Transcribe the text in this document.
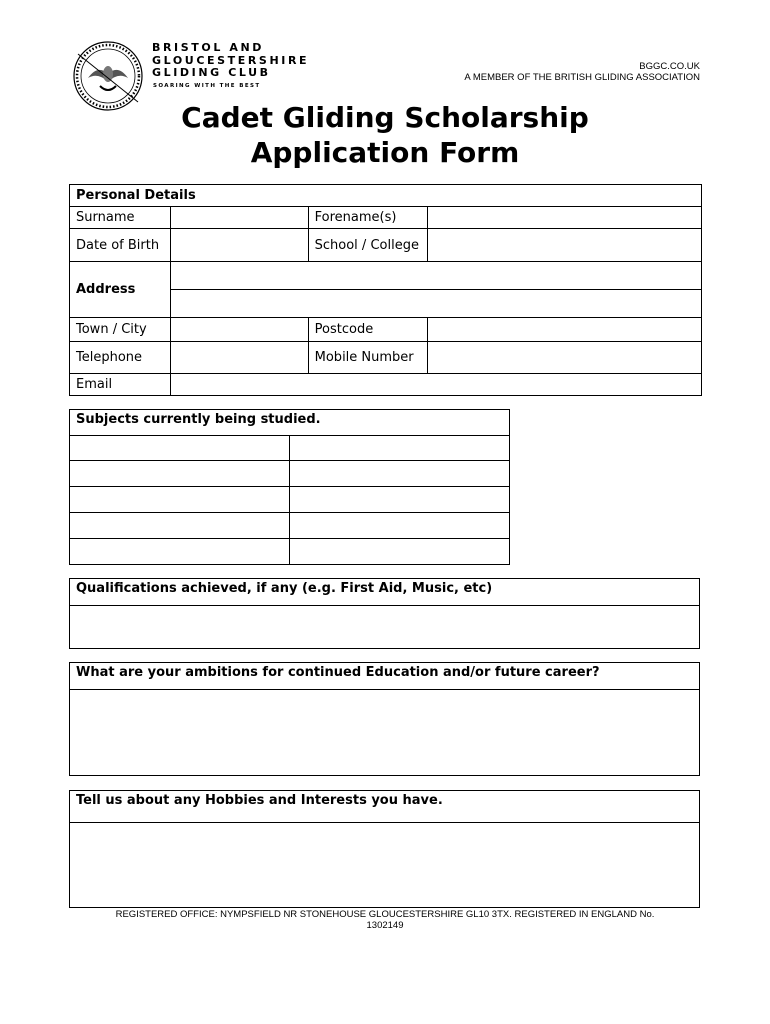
BRISTOL AND
GLOUCESTERSHIRE
GLIDING CLUB
SOARING WITH THE BEST
BGGC.CO.UK
A MEMBER OF THE BRITISH GLIDING ASSOCIATION
Cadet Gliding Scholarship
Application Form
Personal Details			
Surname		Forename(s)	
Date of Birth		School / College	
Address			

Town / City		Postcode	
Telephone		Mobile Number	
Email			
Subjects currently being studied.	

Qualifications achieved, if any (e.g. First Aid, Music, etc)

What are your ambitions for continued Education and/or future career?

Tell us about any Hobbies and Interests you have.

REGISTERED OFFICE: NYMPSFIELD NR STONEHOUSE GLOUCESTERSHIRE GL10 3TX. REGISTERED IN ENGLAND No.
1302149
